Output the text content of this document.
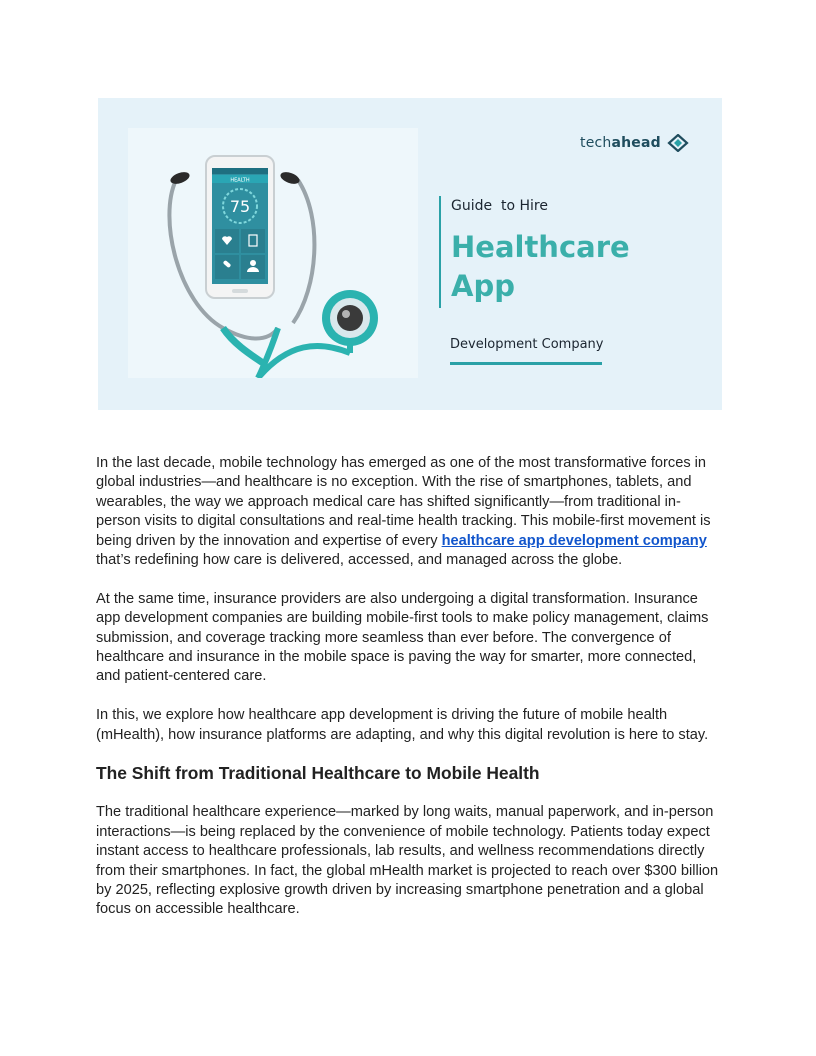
HEALTH
75
techahead
Guide  to Hire
Healthcare
App
Development Company

In the last decade, mobile technology has emerged as one of the most transformative forces in global industries—and healthcare is no exception. With the rise of smartphones, tablets, and wearables, the way we approach medical care has shifted significantly—from traditional in-person visits to digital consultations and real-time health tracking. This mobile-first movement is being driven by the innovation and expertise of every healthcare app development company that’s redefining how care is delivered, accessed, and managed across the globe.

At the same time, insurance providers are also undergoing a digital transformation. Insurance app development companies are building mobile-first tools to make policy management, claims submission, and coverage tracking more seamless than ever before. The convergence of healthcare and insurance in the mobile space is paving the way for smarter, more connected, and patient-centered care.

In this, we explore how healthcare app development is driving the future of mobile health (mHealth), how insurance platforms are adapting, and why this digital revolution is here to stay.

The Shift from Traditional Healthcare to Mobile Health

The traditional healthcare experience—marked by long waits, manual paperwork, and in-person interactions—is being replaced by the convenience of mobile technology. Patients today expect instant access to healthcare professionals, lab results, and wellness recommendations directly from their smartphones. In fact, the global mHealth market is projected to reach over $300 billion by 2025, reflecting explosive growth driven by increasing smartphone penetration and a global focus on accessible healthcare.
